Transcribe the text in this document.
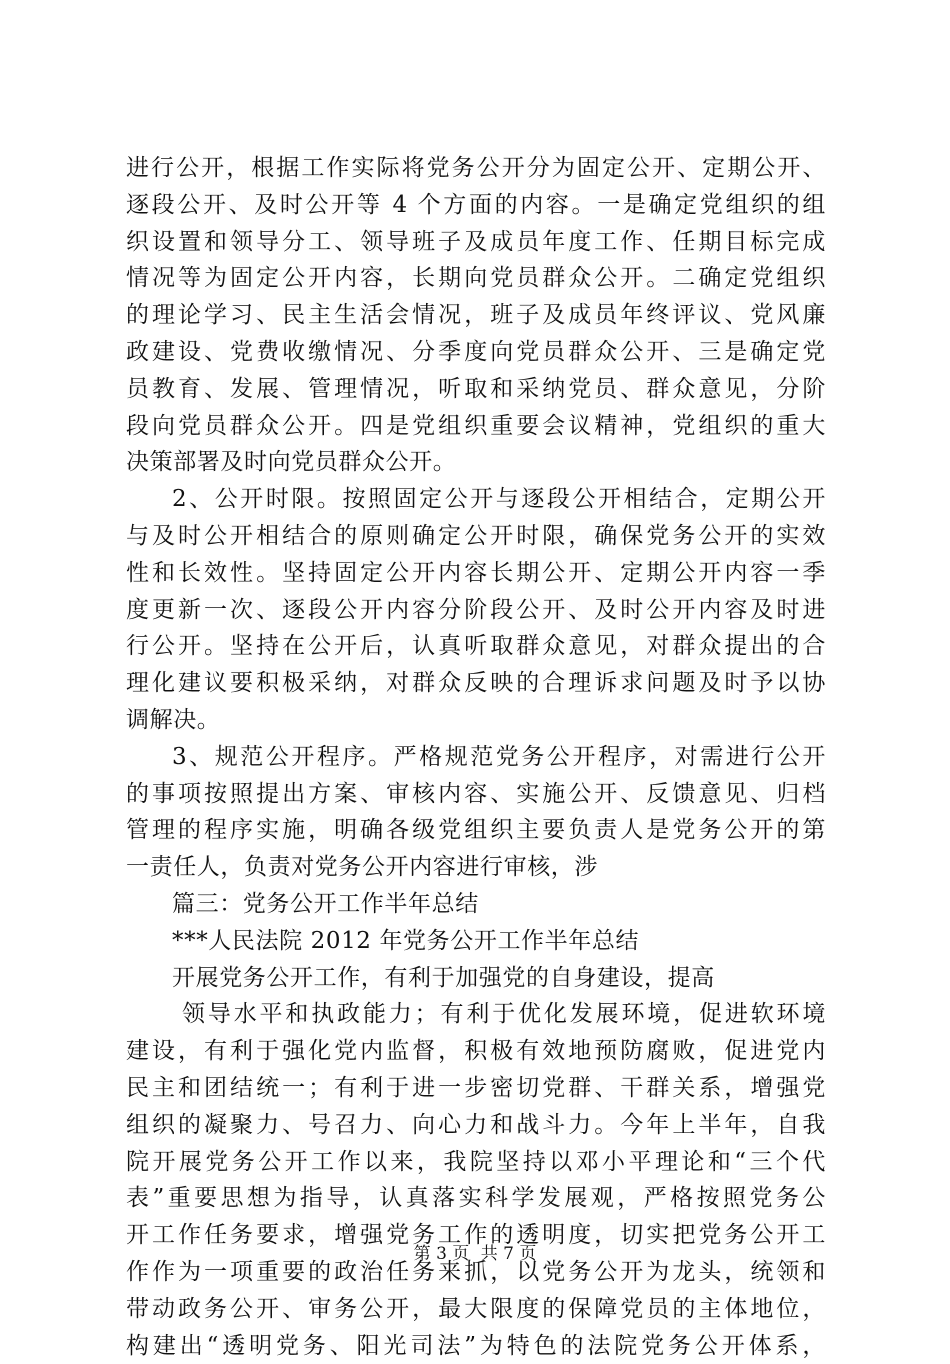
进行公开，根据工作实际将党务公开分为固定公开、定期公开、
逐段公开、及时公开等 4 个方面的内容。一是确定党组织的组
织设置和领导分工、领导班子及成员年度工作、任期目标完成
情况等为固定公开内容，长期向党员群众公开。二确定党组织
的理论学习、民主生活会情况，班子及成员年终评议、党风廉
政建设、党费收缴情况、分季度向党员群众公开、三是确定党
员教育、发展、管理情况，听取和采纳党员、群众意见，分阶
段向党员群众公开。四是党组织重要会议精神，党组织的重大
决策部署及时向党员群众公开。
2、公开时限。按照固定公开与逐段公开相结合，定期公开
与及时公开相结合的原则确定公开时限，确保党务公开的实效
性和长效性。坚持固定公开内容长期公开、定期公开内容一季
度更新一次、逐段公开内容分阶段公开、及时公开内容及时进
行公开。坚持在公开后，认真听取群众意见，对群众提出的合
理化建议要积极采纳，对群众反映的合理诉求问题及时予以协
调解决。
3、规范公开程序。严格规范党务公开程序，对需进行公开
的事项按照提出方案、审核内容、实施公开、反馈意见、归档
管理的程序实施，明确各级党组织主要负责人是党务公开的第
一责任人，负责对党务公开内容进行审核，涉
篇三：党务公开工作半年总结
***人民法院 2012 年党务公开工作半年总结
开展党务公开工作，有利于加强党的自身建设，提高
领导水平和执政能力；有利于优化发展环境，促进软环境
建设，有利于强化党内监督，积极有效地预防腐败，促进党内
民主和团结统一；有利于进一步密切党群、干群关系，增强党
组织的凝聚力、号召力、向心力和战斗力。今年上半年，自我
院开展党务公开工作以来，我院坚持以邓小平理论和“三个代
表”重要思想为指导，认真落实科学发展观，严格按照党务公
开工作任务要求，增强党务工作的透明度，切实把党务公开工
作作为一项重要的政治任务来抓，以党务公开为龙头，统领和
带动政务公开、审务公开，最大限度的保障党员的主体地位，
构建出“透明党务、阳光司法”为特色的法院党务公开体系，
第 3 页 共 7 页
